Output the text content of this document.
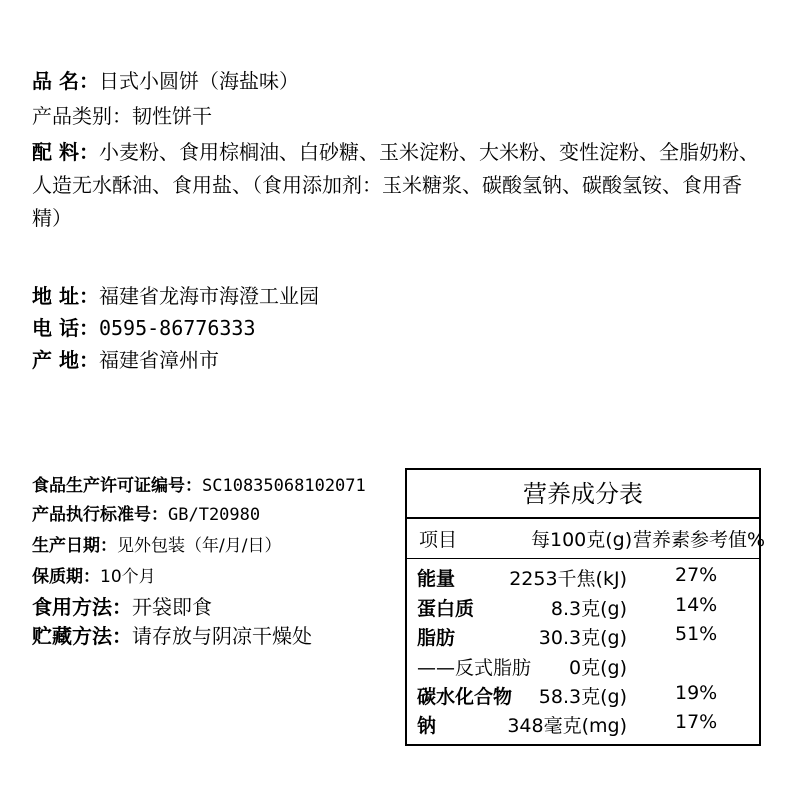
品 名：日式小圆饼（海盐味）
产品类别：韧性饼干
配 料：小麦粉、食用棕榈油、白砂糖、玉米淀粉、大米粉、变性淀粉、全脂奶粉、人造无水酥油、食用盐、（食用添加剂：玉米糖浆、碳酸氢钠、碳酸氢铵、食用香精）
地 址：福建省龙海市海澄工业园
电 话：0595-86776333
产 地：福建省漳州市
食品生产许可证编号：SC10835068102071
产品执行标准号：GB/T20980
生产日期：见外包装（年/月/日）
保质期：10个月
食用方法：开袋即食
贮藏方法：请存放与阴凉干燥处
营养成分表
项目	每100克(g) 营养素参考值%
能量	2253千焦(kJ)	27%
蛋白质	8.3克(g)	14%
脂肪	30.3克(g)	51%
——反式脂肪 0克(g)
碳水化合物 58.3克(g)	19%
钠	348毫克(mg)	17%
